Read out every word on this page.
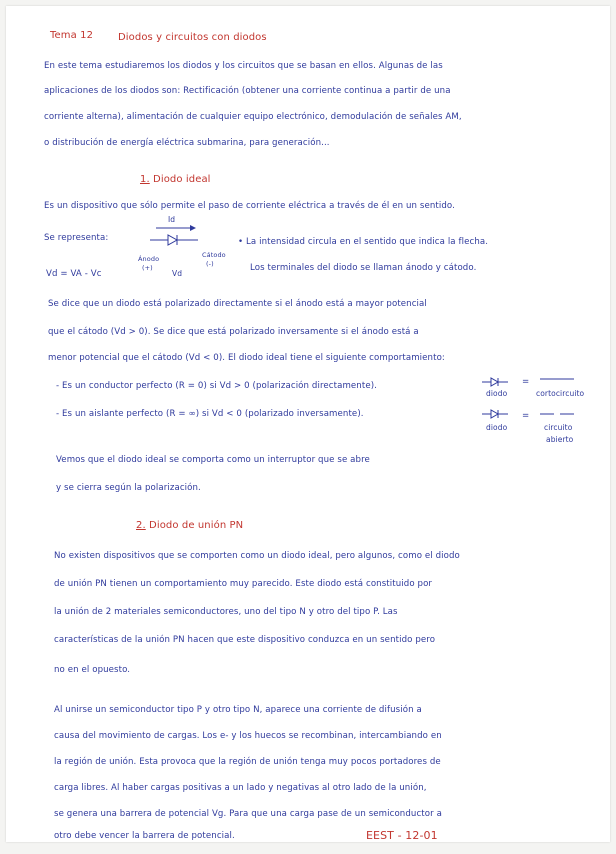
Tema 12 Diodos y circuitos con diodos
En este tema estudiaremos los diodos y los circuitos que se basan en ellos. Algunas de las
aplicaciones de los diodos son: Rectificación (obtener una corriente continua a partir de una
corriente alterna), alimentación de cualquier equipo electrónico, demodulación de señales AM,
o distribución de energía eléctrica submarina, para generación...
1. Diodo ideal
Es un dispositivo que sólo permite el paso de corriente eléctrica a través de él en un sentido.
Se representa:
Id
Ánodo	Cátodo
(+)	(-)
Vd
Vd = VA - Vc
• La intensidad circula en el sentido que indica la flecha.
Los terminales del diodo se llaman ánodo y cátodo.
Se dice que un diodo está polarizado directamente si el ánodo está a mayor potencial
que el cátodo (Vd > 0). Se dice que está polarizado inversamente si el ánodo está a
menor potencial que el cátodo (Vd < 0). El diodo ideal tiene el siguiente comportamiento:
- Es un conductor perfecto (R = 0) si Vd > 0 (polarización directamente).
diodo
=
cortocircuito
- Es un aislante perfecto (R = ∞) si Vd < 0 (polarizado inversamente).
diodo
=
circuito
abierto
Vemos que el diodo ideal se comporta como un interruptor que se abre
y se cierra según la polarización.
2. Diodo de unión PN
No existen dispositivos que se comporten como un diodo ideal, pero algunos, como el diodo
de unión PN tienen un comportamiento muy parecido. Este diodo está constituido por
la unión de 2 materiales semiconductores, uno del tipo N y otro del tipo P. Las
características de la unión PN hacen que este dispositivo conduzca en un sentido pero
no en el opuesto.
Al unirse un semiconductor tipo P y otro tipo N, aparece una corriente de difusión a
causa del movimiento de cargas. Los e- y los huecos se recombinan, intercambiando en
la región de unión. Esta provoca que la región de unión tenga muy pocos portadores de
carga libres. Al haber cargas positivas a un lado y negativas al otro lado de la unión,
se genera una barrera de potencial Vg. Para que una carga pase de un semiconductor a
otro debe vencer la barrera de potencial.	EEST - 12-01
